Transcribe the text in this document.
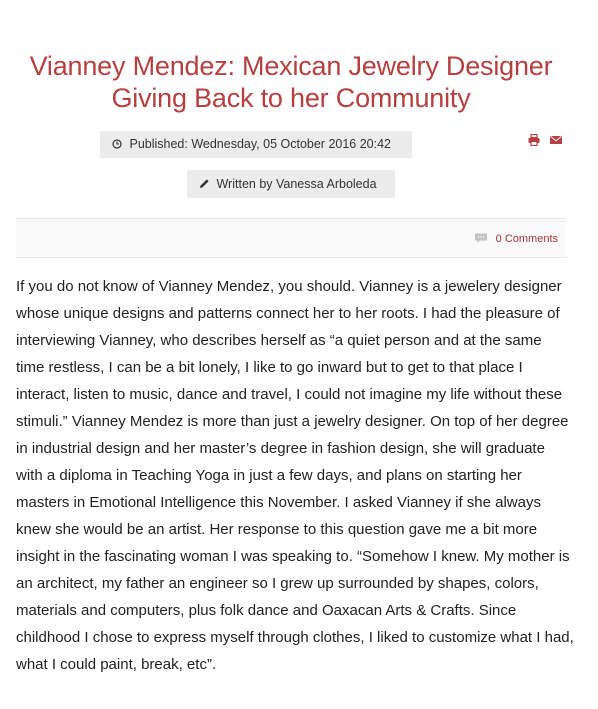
Vianney Mendez: Mexican Jewelry Designer Giving Back to her Community
Published: Wednesday, 05 October 2016 20:42

Written by Vanessa Arboleda
0 Comments

If you do not know of Vianney Mendez, you should. Vianney is a jewelery designer whose unique designs and patterns connect her to her roots. I had the pleasure of interviewing Vianney, who describes herself as “a quiet person and at the same time restless, I can be a bit lonely, I like to go inward but to get to that place I interact, listen to music, dance and travel, I could not imagine my life without these stimuli.” Vianney Mendez is more than just a jewelry designer. On top of her degree in industrial design and her master’s degree in fashion design, she will graduate with a diploma in Teaching Yoga in just a few days, and plans on starting her masters in Emotional Intelligence this November. I asked Vianney if she always knew she would be an artist. Her response to this question gave me a bit more insight in the fascinating woman I was speaking to. “Somehow I knew. My mother is an architect, my father an engineer so I grew up surrounded by shapes, colors, materials and computers, plus folk dance and Oaxacan Arts & Crafts. Since childhood I chose to express myself through clothes, I liked to customize what I had, what I could paint, break, etc”.
